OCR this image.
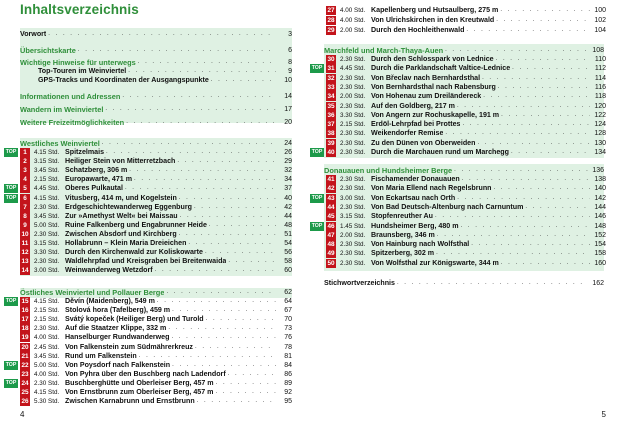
Inhaltsverzeichnis
Vorwort . . .	3
Übersichtskarte . . .	6
Wichtige Hinweise für unterwegs . . .	8
Top-Touren im Weinviertel . . .	9
GPS-Tracks und Koordinaten der Ausgangspunkte . . .	10
Informationen und Adressen . . .	14
Wandern im Weinviertel . . .	17
Weitere Freizeitmöglichkeiten . . .	20
Westliches Weinviertel . . .	24
TOP	1	4.15 Std. Spitzelmais . . .	26
2	3.15 Std. Heiliger Stein von Mitterretzbach . . .	29
3	3.45 Std. Schatzberg, 306 m . . .	32
4	2.15 Std. Europawarte, 471 m . . .	34
TOP	5	4.45 Std. Oberes Pulkautal . . .	37
TOP	6	4.15 Std. Vitusberg, 414 m, und Kogelstein . . .	40
7	2.30 Std. Erdgeschichtewanderweg Eggenburg . . .	42
8	3.45 Std. Zur »Amethyst Welt« bei Maissau . . .	44
9	5.00 Std. Ruine Falkenberg und Engabrunner Heide . . .	48
10 2.30 Std. Zwischen Absdorf und Kirchberg . . .	51
11 3.15 Std. Hollabrunn – Klein Maria Dreieichen . . .	54
12 3.30 Std. Durch den Kirchenwald zur Koliskowarte . . .	56
13 2.30 Std. Waldlehrpfad und Kreisgraben bei Breitenwaida . . .	58
14 3.00 Std. Weinwanderweg Wetzdorf . . .	60
Östliches Weinviertel und Pollauer Berge . . .	62
TOP 15 4.15 Std. Děvín (Maidenberg), 549 m . . .	64
16 2.15 Std. Stolová hora (Tafelberg), 459 m . . .	67
17 2.15 Std. Svátý kopeček (Heiliger Berg) und Turold . . .	70
18 2.30 Std. Auf die Staatzer Klippe, 332 m . . .	73
19 4.00 Std. Hanselburger Rundwanderweg . . .	76
20 2.45 Std. Von Falkenstein zum Südmährerkreuz . . .	78
21 3.45 Std. Rund um Falkenstein . . .	81
TOP 22 5.00 Std. Von Poysdorf nach Falkenstein . . .	84
23 4.00 Std. Von Pyhra über den Buschberg nach Ladendorf . . .	86
TOP 24 2.30 Std. Buschberghütte und Oberleiser Berg, 457 m . . .	89
25 4.15 Std. Von Ernstbrunn zum Oberleiser Berg, 457 m . . .	92
26 5.30 Std. Zwischen Karnabrunn und Ernstbrunn . . .	95
4
27 4.00 Std. Kapellenberg und Hutsaulberg, 275 m . . .	100
28 4.00 Std. Von Ulrichskirchen in den Kreutwald . . .	102
29 2.00 Std. Durch den Hochleithenwald . . .	104
Marchfeld und March-Thaya-Auen . . .	108
30 2.30 Std. Durch den Schlosspark von Lednice . . .	110
TOP 31 4.45 Std. Durch die Parklandschaft Valtice-Lednice . . .	112
32 2.30 Std. Von Břeclav nach Bernhardsthal . . .	114
33 2.30 Std. Von Bernhardsthal nach Rabensburg . . .	116
34 2.00 Std. Von Hohenau zum Dreiländereck . . .	118
35 2.30 Std. Auf den Goldberg, 217 m . . .	120
36 3.30 Std. Von Angern zur Rochuskapelle, 191 m . . .	122
37 2.15 Std. Erdöl-Lehrpfad bei Prottes . . .	124
38 2.30 Std. Weikendorfer Remise . . .	128
39 2.30 Std. Zu den Dünen von Oberweiden . . .	130
TOP 40 2.30 Std. Durch die Marchauen rund um Marchegg . . .	134
Donauauen und Hundsheimer Berge . . .	136
41 2.30 Std. Fischamender Donauauen . . .	138
42 2.30 Std. Von Maria Ellend nach Regelsbrunn . . .	140
TOP 43 3.00 Std. Von Eckartsau nach Orth . . .	142
44 2.30 Std. Von Bad Deutsch-Altenburg nach Carnuntum . . .	144
45 3.15 Std. Stopfenreuther Au . . .	146
TOP 46 1.45 Std. Hundsheimer Berg, 480 m . . .	148
47 2.00 Std. Braunsberg, 346 m . . .	152
48 2.30 Std. Von Hainburg nach Wolfsthal . . .	154
49 2.30 Std. Spitzerberg, 302 m . . .	158
50 2.30 Std. Von Wolfsthal zur Königswarte, 344 m . . .	160
Stichwortverzeichnis . . .	162
5
